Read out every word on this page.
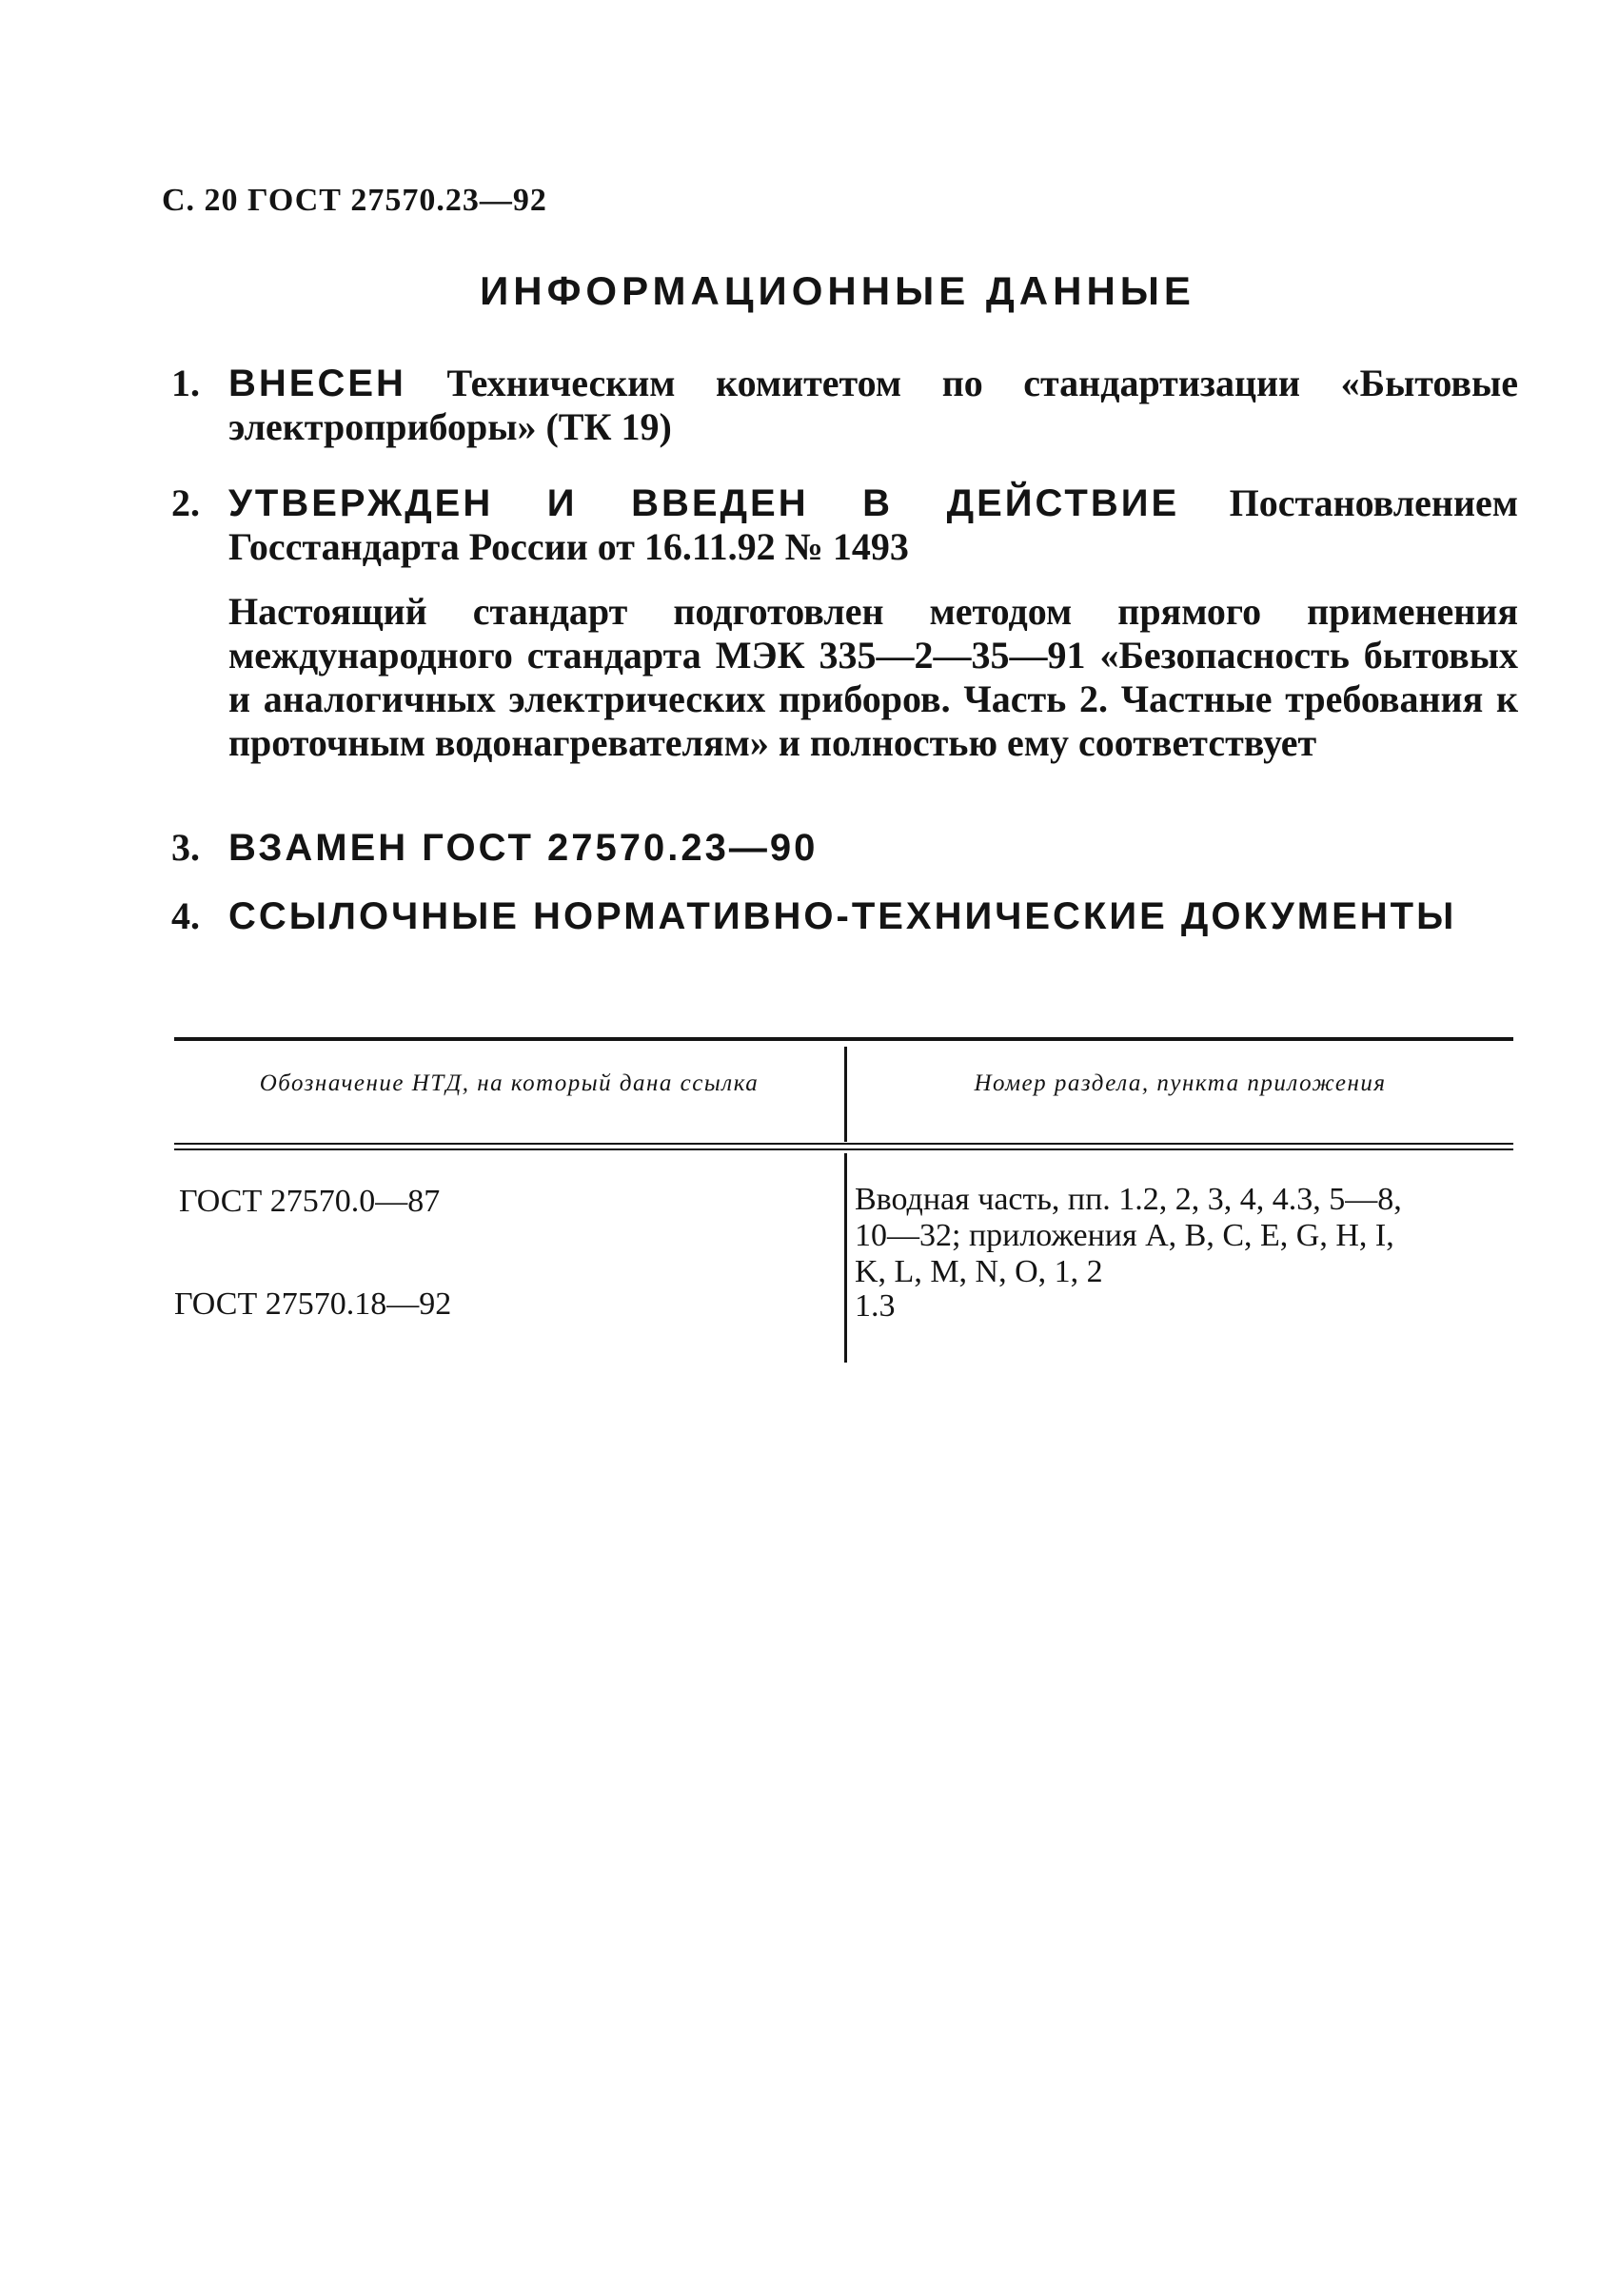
С. 20 ГОСТ 27570.23—92
ИНФОРМАЦИОННЫЕ ДАННЫЕ
1. ВНЕСЕН Техническим комитетом по стандартизации «Бытовые электроприборы» (ТК 19)
2. УТВЕРЖДЕН И ВВЕДЕН В ДЕЙСТВИЕ Постановлением Госстандарта России от 16.11.92 № 1493
Настоящий стандарт подготовлен методом прямого применения международного стандарта МЭК 335—2—35—91 «Безопасность бытовых и аналогичных электрических приборов. Часть 2. Частные требования к проточным водонагревателям» и полностью ему соответствует
3. ВЗАМЕН ГОСТ 27570.23—90
4. ССЫЛОЧНЫЕ НОРМАТИВНО-ТЕХНИЧЕСКИЕ ДОКУМЕНТЫ
Обозначение НТД, на который дана ссылка	Номер раздела, пункта приложения
ГОСТ 27570.0—87	Вводная часть, пп. 1.2, 2, 3, 4, 4.3, 5—8,
10—32; приложения A, B, C, E, G, H, I,
K, L, M, N, O, 1, 2
ГОСТ 27570.18—92	1.3
